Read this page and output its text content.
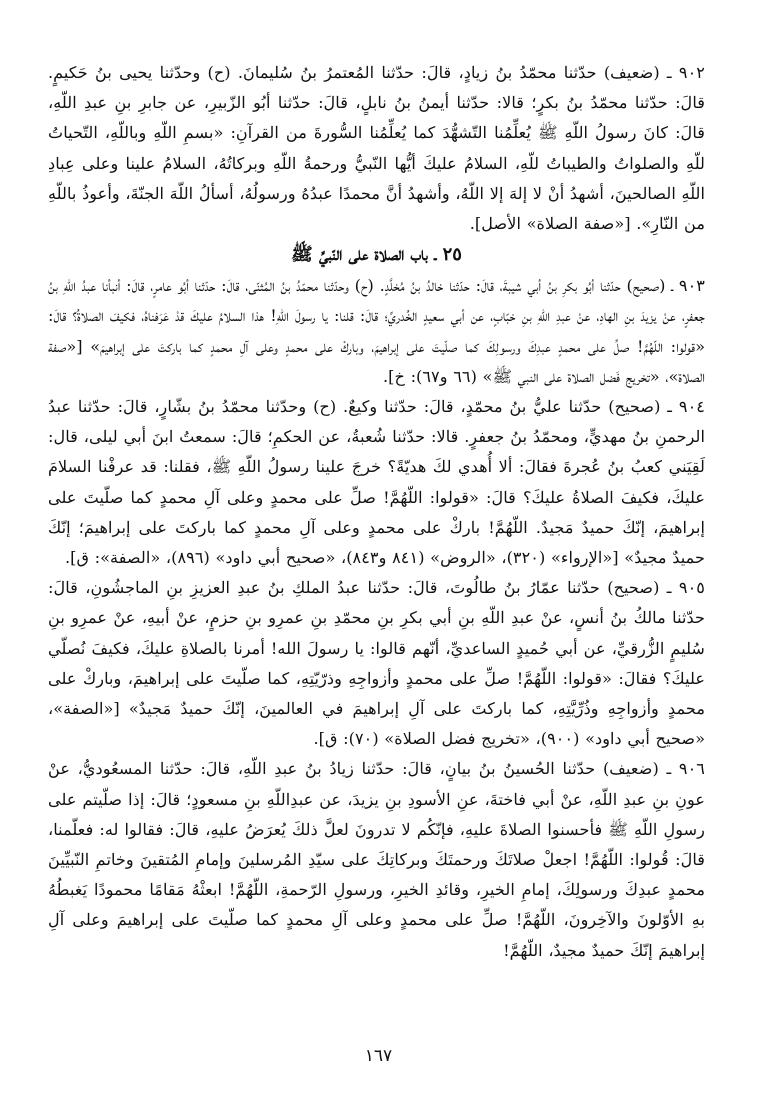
٩٠٢ ـ (ضعيف) حدّثنا محمّدُ بنُ زيادٍ، قالَ: حدّثنا المُعتمرُ بنُ سُليمانَ. (ح) وحدّثنا يحيى بنُ حَكيمٍ. قالَ: حدّثنا محمّدُ بنُ بكرٍ؛ قالا: حدّثنا أيمنُ بنُ نابلٍ، قالَ: حدّثنا أبُو الزّبيرِ، عن جابرِ بنِ عبدِ اللّهِ، قالَ: كانَ رسولُ اللّهِ ﷺ يُعلِّمُنا التّشهُّدَ كما يُعلِّمُنا السُّورةَ من القرآنِ: «بسمِ اللّهِ وباللّهِ، التّحياتُ للّهِ والصلواتُ والطيباتُ للّهِ، السلامُ عليكَ أيُّها النّبيُّ ورحمةُ اللّهِ وبركاتُهُ، السلامُ علينا وعلى عِبادِ اللّهِ الصالحينَ، أشهدُ أنْ لا إلهَ إلا اللّهُ، وأشهدُ أنَّ محمدًا عبدُهُ ورسولُهُ، أسألُ اللّهَ الجنّةَ، وأعوذُ باللّهِ من النّارِ». [«صفة الصلاة» الأصل].

٢٥ ـ باب الصلاة على النّبيِّ ﷺ

٩٠٣ ـ (صحيح) حدّثنا أبُو بكرِ بنُ أبي شيبةَ، قالَ: حدّثنا خالدُ بنُ مُخلَّدٍ. (ح) وحدّثنا محمّدُ بنُ المُثنّى، قالَ: حدّثنا أبُو عامرٍ، قالَ: أنبأنا عبدُ اللّهِ بنُ جعفرٍ، عنْ يزيدَ بنِ الهادِ، عنْ عبدِ اللّهِ بنِ خبّابٍ، عن أبي سعيدٍ الخُدريِّ؛ قالَ: قلنا: يا رسولَ اللّهِ! هذا السلامُ عليكَ قدْ عَرَفناهُ، فكيفَ الصلاةُ؟ قالَ: «قولوا: اللّهُمَّ! صلِّ على محمدٍ عبدِكَ ورسولِكَ كما صلّيتَ على إبراهيمَ، وباركْ على محمدٍ وعلى آلِ محمدٍ كما باركتَ على إبراهيمَ» [«صفة الصلاة»، «تخريج فَضل الصلاة على النبي ﷺ» (٦٦ و٦٧): خ].

٩٠٤ ـ (صحيح) حدّثنا عليُّ بنُ محمّدٍ، قالَ: حدّثنا وكيعٌ. (ح) وحدّثنا محمّدُ بنُ بشّارٍ، قالَ: حدّثنا عبدُ الرحمنِ بنُ مهديٍّ، ومحمّدُ بنُ جعفرٍ. قالا: حدّثنا شُعبةُ، عن الحكمِ؛ قالَ: سمعتُ ابنَ أبي ليلى، قال: لَقِيَني كعبُ بنُ عُجرةَ فقالَ: ألا أُهدي لكَ هديّةً؟ خرجَ علينا رسولُ اللّهِ ﷺ، فقلنا: قد عرفْنا السلامَ عليكَ، فكيفَ الصلاةُ عليكَ؟ قالَ: «قولوا: اللّهُمَّ! صلِّ على محمدٍ وعلى آلِ محمدٍ كما صلّيتَ على إبراهيمَ، إنّكَ حميدٌ مَجيدٌ. اللّهُمَّ! باركْ على محمدٍ وعلى آلِ محمدٍ كما باركتَ على إبراهيمَ؛ إنّكَ حميدٌ مجيدٌ» [«الإرواء» (٣٢٠)، «الروض» (٨٤١ و٨٤٣)، «صحيح أبي داود» (٨٩٦)، «الصفة»: ق].

٩٠٥ ـ (صحيح) حدّثنا عمّارُ بنُ طالُوتَ، قالَ: حدّثنا عبدُ الملكِ بنُ عبدِ العزيزِ بنِ الماجشُونِ، قالَ: حدّثنا مالكُ بنُ أنسٍ، عنْ عبدِ اللّهِ بنِ أبي بكرِ بنِ محمّدِ بنِ عمرِو بنِ حزمٍ، عنْ أبيهِ، عنْ عمرِو بنِ سُليمٍ الزُّرقيِّ، عن أبي حُميدٍ الساعديِّ، أنّهم قالوا: يا رسولَ الله! أمرنا بالصلاةِ عليكَ، فكيفَ نُصلّي عليكَ؟ فقالَ: «قولوا: اللّهُمَّ! صلِّ على محمدٍ وأزواجِهِ وذرّيّتِهِ، كما صلّيتَ على إبراهيمَ، وباركْ على محمدٍ وأزواجِهِ وذُرِّيَّتِهِ، كما باركتَ على آلِ إبراهيمَ في العالمينَ، إنّكَ حميدٌ مَجيدٌ» [«الصفة»، «صحيح أبي داود» (٩٠٠)، «تخريج فضل الصلاة» (٧٠): ق].

٩٠٦ ـ (ضعيف) حدّثنا الحُسينُ بنُ بيانٍ، قالَ: حدّثنا زيادُ بنُ عبدِ اللّهِ، قالَ: حدّثنا المسعُوديُّ، عنْ عونِ بنِ عبدِ اللّهِ، عنْ أبي فاختةَ، عنِ الأسودِ بنِ يزيدَ، عن عبدِاللّهِ بنِ مسعودٍ؛ قالَ: إذا صلّيتم على رسولِ اللّهِ ﷺ فأحسنوا الصلاةَ عليهِ، فإنّكُم لا تدرونَ لعلَّ ذلكَ يُعرَضُ عليهِ، قالَ: فقالوا له: فعلّمنا، قالَ: قُولوا: اللّهُمَّ! اجعلْ صلاتَكَ ورحمتَكَ وبركاتِكَ على سيّدِ المُرسلينَ وإمامِ المُتقينَ وخاتمِ النّبيِّينَ محمدٍ عبدِكَ ورسولِكَ، إمامِ الخيرِ، وقائدِ الخيرِ، ورسولِ الرّحمةِ، اللّهُمَّ! ابعثْهُ مَقامًا محمودًا يَغبطُهُ بهِ الأوّلونَ والآخِرونَ، اللّهُمَّ! صلِّ على محمدٍ وعلى آلِ محمدٍ كما صلّيتَ على إبراهيمَ وعلى آلِ إبراهيمَ إنّكَ حميدٌ مجيدٌ، اللّهُمَّ!

١٦٧
